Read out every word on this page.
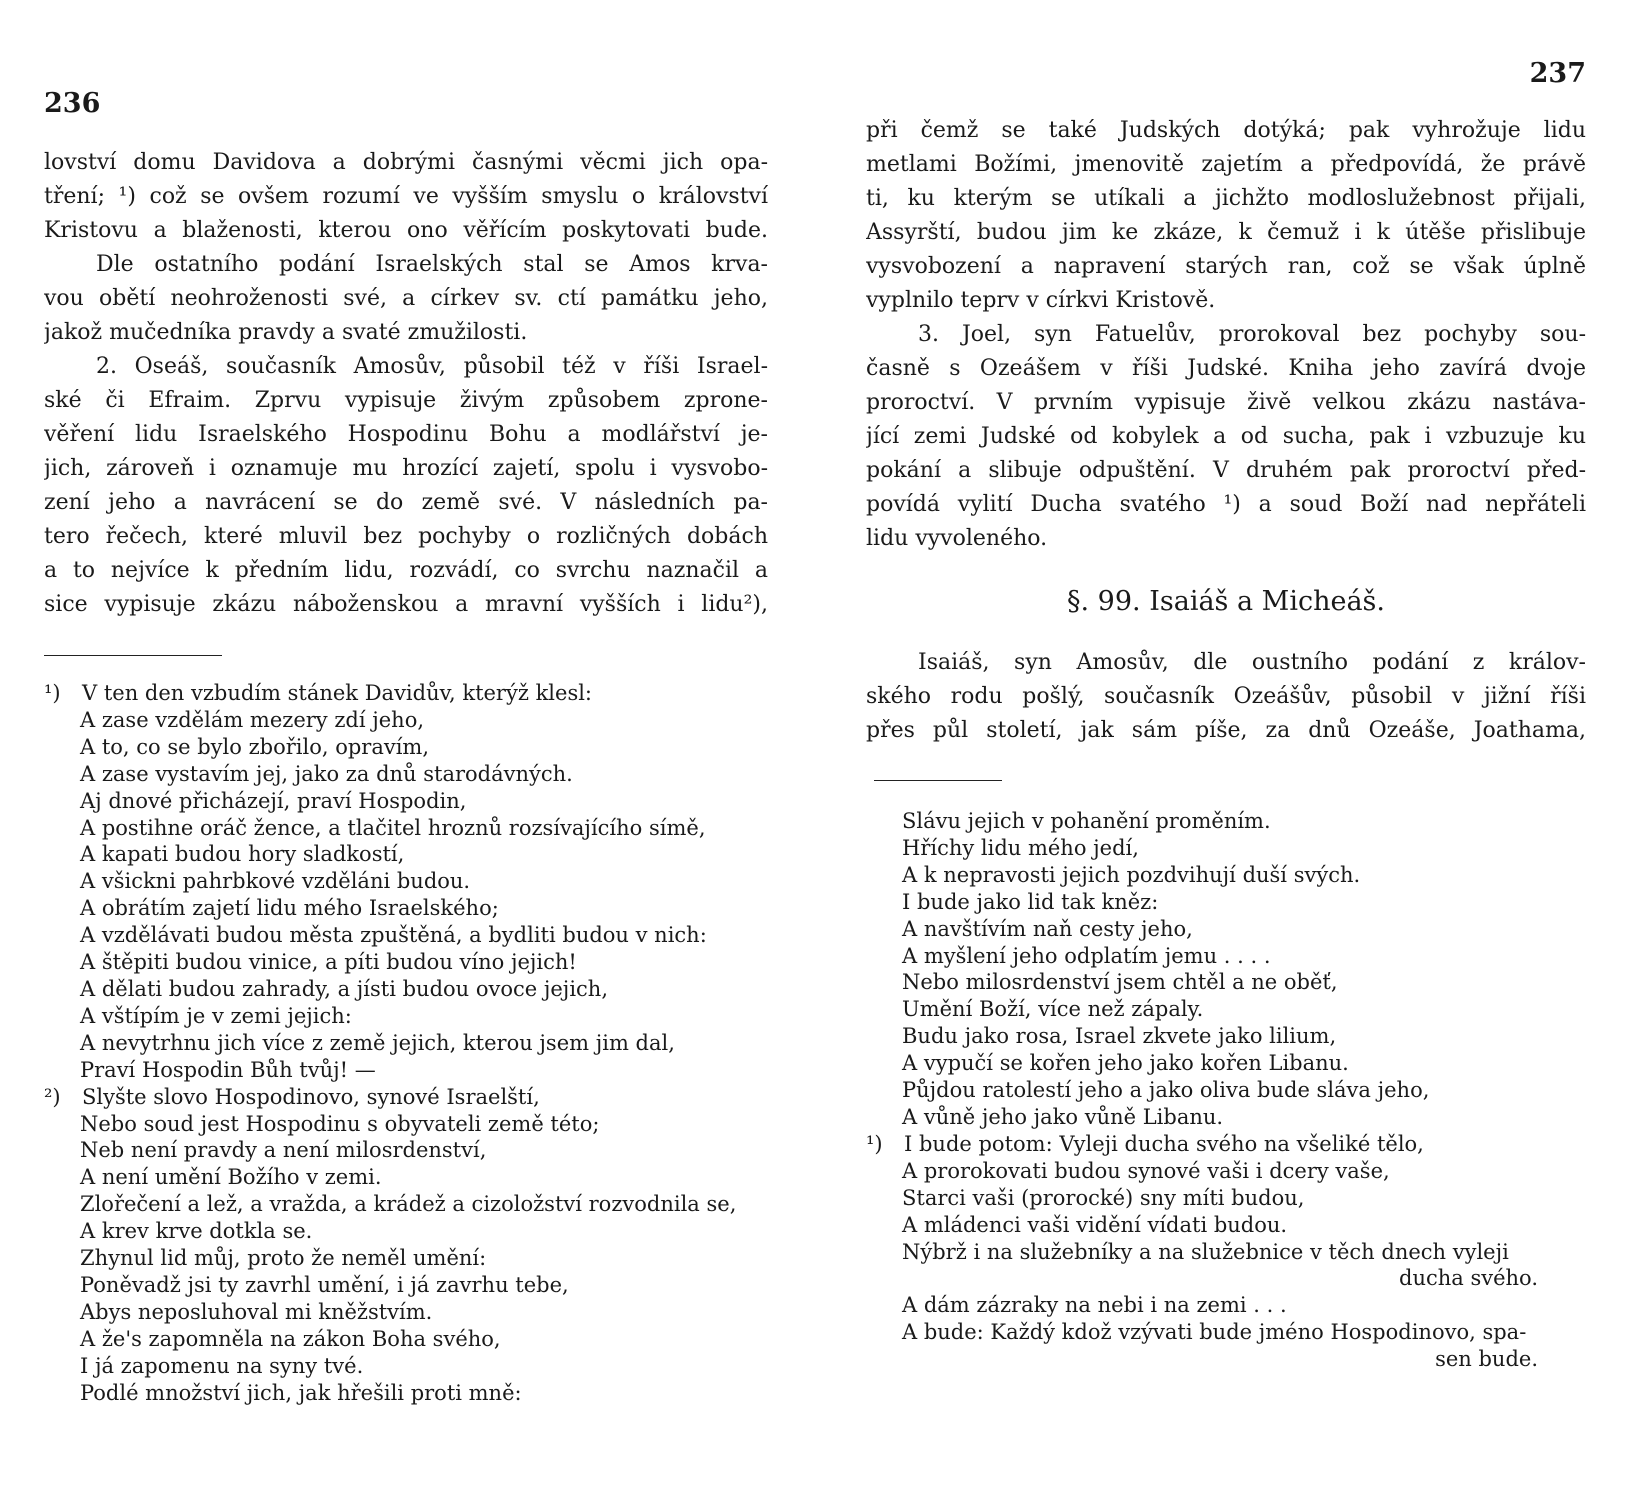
236
lovství domu Davidova a dobrými časnými věcmi jich opa-
tření; ¹) což se ovšem rozumí ve vyšším smyslu o království
Kristovu a blaženosti, kterou ono věřícím poskytovati bude.
Dle ostatního podání Israelských stal se Amos krva-
vou obětí neohroženosti své, a církev sv. ctí památku jeho,
jakož mučedníka pravdy a svaté zmužilosti.
2. Oseáš, současník Amosův, působil též v říši Israel-
ské či Efraim. Zprvu vypisuje živým způsobem zprone-
věření lidu Israelského Hospodinu Bohu a modlářství je-
jich, zároveň i oznamuje mu hrozící zajetí, spolu i vysvobo-
zení jeho a navrácení se do země své. V následních pa-
tero řečech, které mluvil bez pochyby o rozličných dobách
a to nejvíce k předním lidu, rozvádí, co svrchu naznačil a
sice vypisuje zkázu náboženskou a mravní vyšších i lidu²),
¹) V ten den vzbudím stánek Davidův, kterýž klesl:
A zase vzdělám mezery zdí jeho,
A to, co se bylo zbořilo, opravím,
A zase vystavím jej, jako za dnů starodávných.
Aj dnové přicházejí, praví Hospodin,
A postihne oráč žence, a tlačitel hroznů rozsívajícího símě,
A kapati budou hory sladkostí,
A všickni pahrbkové vzděláni budou.
A obrátím zajetí lidu mého Israelského;
A vzdělávati budou města zpuštěná, a bydliti budou v nich:
A štěpiti budou vinice, a píti budou víno jejich!
A dělati budou zahrady, a jísti budou ovoce jejich,
A vštípím je v zemi jejich:
A nevytrhnu jich více z země jejich, kterou jsem jim dal,
Praví Hospodin Bůh tvůj! —
²) Slyšte slovo Hospodinovo, synové Israelští,
Nebo soud jest Hospodinu s obyvateli země této;
Neb není pravdy a není milosrdenství,
A není umění Božího v zemi.
Zlořečení a lež, a vražda, a krádež a cizoložství rozvodnila se,
A krev krve dotkla se.
Zhynul lid můj, proto že neměl umění:
Poněvadž jsi ty zavrhl umění, i já zavrhu tebe,
Abys neposluhoval mi kněžstvím.
A že's zapomněla na zákon Boha svého,
I já zapomenu na syny tvé.
Podlé množství jich, jak hřešili proti mně:
237
při čemž se také Judských dotýká; pak vyhrožuje lidu
metlami Božími, jmenovitě zajetím a předpovídá, že právě
ti, ku kterým se utíkali a jichžto modloslužebnost přijali,
Assyrští, budou jim ke zkáze, k čemuž i k útěše přislibuje
vysvobození a napravení starých ran, což se však úplně
vyplnilo teprv v církvi Kristově.
3. Joel, syn Fatuelův, prorokoval bez pochyby sou-
časně s Ozeášem v říši Judské. Kniha jeho zavírá dvoje
proroctví. V prvním vypisuje živě velkou zkázu nastáva-
jící zemi Judské od kobylek a od sucha, pak i vzbuzuje ku
pokání a slibuje odpuštění. V druhém pak proroctví před-
povídá vylití Ducha svatého ¹) a soud Boží nad nepřáteli
lidu vyvoleného.
§. 99. Isaiáš a Micheáš.
Isaiáš, syn Amosův, dle oustního podání z králov-
ského rodu pošlý, současník Ozeášův, působil v jižní říši
přes půl století, jak sám píše, za dnů Ozeáše, Joathama,
Slávu jejich v pohanění proměním.
Hříchy lidu mého jedí,
A k nepravosti jejich pozdvihují duší svých.
I bude jako lid tak kněz:
A navštívím naň cesty jeho,
A myšlení jeho odplatím jemu . . . .
Nebo milosrdenství jsem chtěl a ne oběť,
Umění Boží, více než zápaly.
Budu jako rosa, Israel zkvete jako lilium,
A vypučí se kořen jeho jako kořen Libanu.
Půjdou ratolestí jeho a jako oliva bude sláva jeho,
A vůně jeho jako vůně Libanu.
¹) I bude potom: Vyleji ducha svého na všeliké tělo,
A prorokovati budou synové vaši i dcery vaše,
Starci vaši (prorocké) sny míti budou,
A mládenci vaši vidění vídati budou.
Nýbrž i na služebníky a na služebnice v těch dnech vyleji
ducha svého.
A dám zázraky na nebi i na zemi . . .
A bude: Každý kdož vzývati bude jméno Hospodinovo, spa-
sen bude.
